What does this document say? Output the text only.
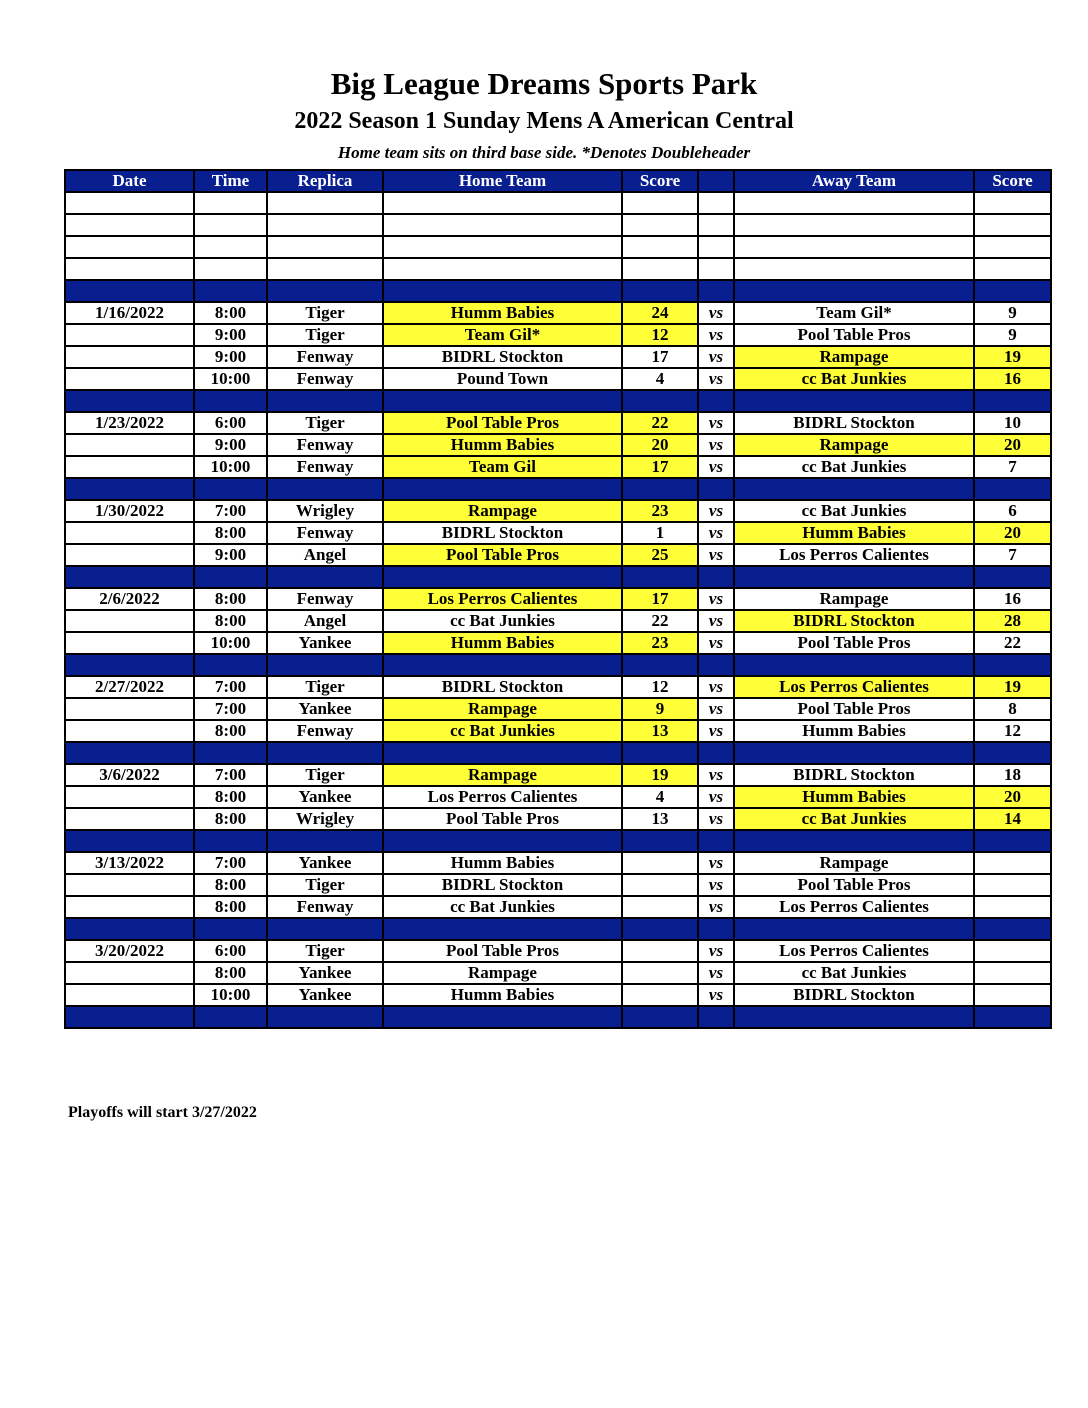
Big League Dreams Sports Park
2022 Season 1 Sunday Mens A American Central
Home team sits on third base side. *Denotes Doubleheader
Date	Time	Replica	Home Team	Score		Away Team	Score

1/16/2022	8:00	Tiger	Humm Babies	24	vs	Team Gil*	9
	9:00	Tiger	Team Gil*	12	vs	Pool Table Pros	9
	9:00	Fenway	BIDRL Stockton	17	vs	Rampage	19
	10:00	Fenway	Pound Town	4	vs	cc Bat Junkies	16

1/23/2022	6:00	Tiger	Pool Table Pros	22	vs	BIDRL Stockton	10
	9:00	Fenway	Humm Babies	20	vs	Rampage	20
	10:00	Fenway	Team Gil	17	vs	cc Bat Junkies	7

1/30/2022	7:00	Wrigley	Rampage	23	vs	cc Bat Junkies	6
	8:00	Fenway	BIDRL Stockton	1	vs	Humm Babies	20
	9:00	Angel	Pool Table Pros	25	vs	Los Perros Calientes	7

2/6/2022	8:00	Fenway	Los Perros Calientes	17	vs	Rampage	16
	8:00	Angel	cc Bat Junkies	22	vs	BIDRL Stockton	28
	10:00	Yankee	Humm Babies	23	vs	Pool Table Pros	22

2/27/2022	7:00	Tiger	BIDRL Stockton	12	vs	Los Perros Calientes	19
	7:00	Yankee	Rampage	9	vs	Pool Table Pros	8
	8:00	Fenway	cc Bat Junkies	13	vs	Humm Babies	12

3/6/2022	7:00	Tiger	Rampage	19	vs	BIDRL Stockton	18
	8:00	Yankee	Los Perros Calientes	4	vs	Humm Babies	20
	8:00	Wrigley	Pool Table Pros	13	vs	cc Bat Junkies	14

3/13/2022	7:00	Yankee	Humm Babies		vs	Rampage	
	8:00	Tiger	BIDRL Stockton		vs	Pool Table Pros	
	8:00	Fenway	cc Bat Junkies		vs	Los Perros Calientes	

3/20/2022	6:00	Tiger	Pool Table Pros		vs	Los Perros Calientes	
	8:00	Yankee	Rampage		vs	cc Bat Junkies	
	10:00	Yankee	Humm Babies		vs	BIDRL Stockton	

Playoffs will start 3/27/2022
